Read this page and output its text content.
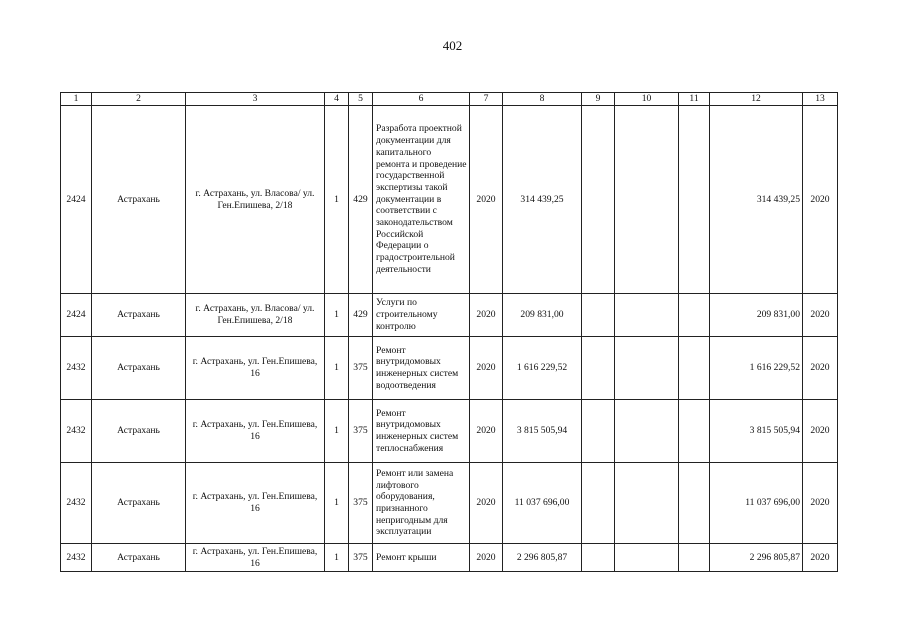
402
1	2	3	4	5	6	7	8	9	10	11	12	13
2424	Астрахань	г. Астрахань, ул. Власова/ ул. Ген.Епишева, 2/18	1	429	Разработа проектной документации для капитального ремонта и проведение государственной экспертизы такой документации в соответствии с законодательством Российской Федерации о градостроительной деятельности	2020	314 439,25				314 439,25	2020
2424	Астрахань	г. Астрахань, ул. Власова/ ул. Ген.Епишева, 2/18	1	429	Услуги по строительному контролю	2020	209 831,00				209 831,00	2020
2432	Астрахань	г. Астрахань, ул. Ген.Епишева, 16	1	375	Ремонт внутридомовых инженерных систем водоотведения	2020	1 616 229,52				1 616 229,52	2020
2432	Астрахань	г. Астрахань, ул. Ген.Епишева, 16	1	375	Ремонт внутридомовых инженерных систем теплоснабжения	2020	3 815 505,94				3 815 505,94	2020
2432	Астрахань	г. Астрахань, ул. Ген.Епишева, 16	1	375	Ремонт или замена лифтового оборудования, признанного непригодным для эксплуатации	2020	11 037 696,00				11 037 696,00	2020
2432	Астрахань	г. Астрахань, ул. Ген.Епишева, 16	1	375	Ремонт крыши	2020	2 296 805,87				2 296 805,87	2020
